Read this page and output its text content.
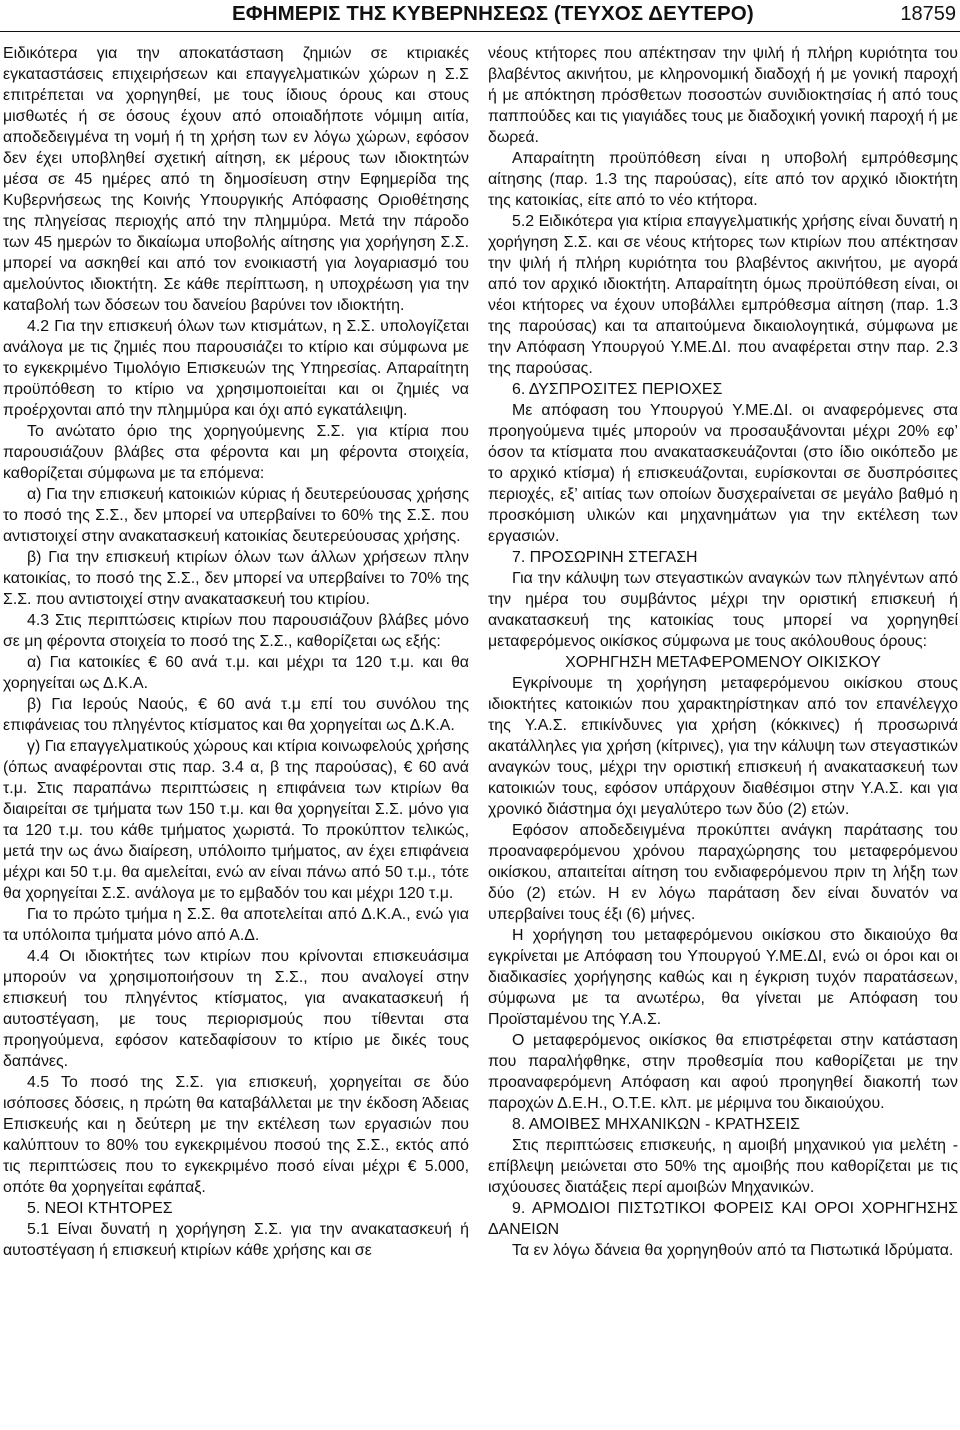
ΕΦΗΜΕΡΙΣ ΤΗΣ ΚΥΒΕΡΝΗΣΕΩΣ (ΤΕΥΧΟΣ ΔΕΥΤΕΡΟ)	18759

Ειδικότερα για την αποκατάσταση ζημιών σε κτιριακές εγκαταστάσεις επιχειρήσεων και επαγγελματικών χώρων η Σ.Σ επιτρέπεται να χορηγηθεί, με τους ίδιους όρους και στους μισθωτές ή σε όσους έχουν από οποιαδήποτε νόμιμη αιτία, αποδεδειγμένα τη νομή ή τη χρήση των εν λόγω χώρων, εφόσον δεν έχει υποβληθεί σχετική αίτηση, εκ μέρους των ιδιοκτητών μέσα σε 45 ημέρες από τη δημοσίευση στην Εφημερίδα της Κυβερνήσεως της Κοινής Υπουργικής Απόφασης Οριοθέτησης της πληγείσας περιοχής από την πλημμύρα. Μετά την πάροδο των 45 ημερών το δικαίωμα υποβολής αίτησης για χορήγηση Σ.Σ. μπορεί να ασκηθεί και από τον ενοικιαστή για λογαριασμό του αμελούντος ιδιοκτήτη. Σε κάθε περίπτωση, η υποχρέωση για την καταβολή των δόσεων του δανείου βαρύνει τον ιδιοκτήτη.

4.2 Για την επισκευή όλων των κτισμάτων, η Σ.Σ. υπολογίζεται ανάλογα με τις ζημιές που παρουσιάζει το κτίριο και σύμφωνα με το εγκεκριμένο Τιμολόγιο Επισκευών της Υπηρεσίας. Απαραίτητη προϋπόθεση το κτίριο να χρησιμοποιείται και οι ζημιές να προέρχονται από την πλημμύρα και όχι από εγκατάλειψη.

Το ανώτατο όριο της χορηγούμενης Σ.Σ. για κτίρια που παρουσιάζουν βλάβες στα φέροντα και μη φέροντα στοιχεία, καθορίζεται σύμφωνα με τα επόμενα:

α) Για την επισκευή κατοικιών κύριας ή δευτερεύουσας χρήσης το ποσό της Σ.Σ., δεν μπορεί να υπερβαίνει το 60% της Σ.Σ. που αντιστοιχεί στην ανακατασκευή κατοικίας δευτερεύουσας χρήσης.

β) Για την επισκευή κτιρίων όλων των άλλων χρήσεων πλην κατοικίας, το ποσό της Σ.Σ., δεν μπορεί να υπερβαίνει το 70% της Σ.Σ. που αντιστοιχεί στην ανακατασκευή του κτιρίου.

4.3 Στις περιπτώσεις κτιρίων που παρουσιάζουν βλάβες μόνο σε μη φέροντα στοιχεία το ποσό της Σ.Σ., καθορίζεται ως εξής:

α) Για κατοικίες € 60 ανά τ.μ. και μέχρι τα 120 τ.μ. και θα χορηγείται ως Δ.Κ.Α.

β) Για Ιερούς Ναούς, € 60 ανά τ.μ επί του συνόλου της επιφάνειας του πληγέντος κτίσματος και θα χορηγείται ως Δ.Κ.Α.

γ) Για επαγγελματικούς χώρους και κτίρια κοινωφελούς χρήσης (όπως αναφέρονται στις παρ. 3.4 α, β της παρούσας), € 60 ανά τ.μ. Στις παραπάνω περιπτώσεις η επιφάνεια των κτιρίων θα διαιρείται σε τμήματα των 150 τ.μ. και θα χορηγείται Σ.Σ. μόνο για τα 120 τ.μ. του κάθε τμήματος χωριστά. Το προκύπτον τελικώς, μετά την ως άνω διαίρεση, υπόλοιπο τμήματος, αν έχει επιφάνεια μέχρι και 50 τ.μ. θα αμελείται, ενώ αν είναι πάνω από 50 τ.μ., τότε θα χορηγείται Σ.Σ. ανάλογα με το εμβαδόν του και μέχρι 120 τ.μ.

Για το πρώτο τμήμα η Σ.Σ. θα αποτελείται από Δ.Κ.Α., ενώ για τα υπόλοιπα τμήματα μόνο από Α.Δ.

4.4 Οι ιδιοκτήτες των κτιρίων που κρίνονται επισκευάσιμα μπορούν να χρησιμοποιήσουν τη Σ.Σ., που αναλογεί στην επισκευή του πληγέντος κτίσματος, για ανακατασκευή ή αυτοστέγαση, με τους περιορισμούς που τίθενται στα προηγούμενα, εφόσον κατεδαφίσουν το κτίριο με δικές τους δαπάνες.

4.5 Το ποσό της Σ.Σ. για επισκευή, χορηγείται σε δύο ισόποσες δόσεις, η πρώτη θα καταβάλλεται με την έκδοση Άδειας Επισκευής και η δεύτερη με την εκτέλεση των εργασιών που καλύπτουν το 80% του εγκεκριμένου ποσού της Σ.Σ., εκτός από τις περιπτώσεις που το εγκεκριμένο ποσό είναι μέχρι € 5.000, οπότε θα χορηγείται εφάπαξ.

5. ΝΕΟΙ ΚΤΗΤΟΡΕΣ

5.1 Είναι δυνατή η χορήγηση Σ.Σ. για την ανακατασκευή ή αυτοστέγαση ή επισκευή κτιρίων κάθε χρήσης και σε

νέους κτήτορες που απέκτησαν την ψιλή ή πλήρη κυριότητα του βλαβέντος ακινήτου, με κληρονομική διαδοχή ή με γονική παροχή ή με απόκτηση πρόσθετων ποσοστών συνιδιοκτησίας ή από τους παππούδες και τις γιαγιάδες τους με διαδοχική γονική παροχή ή με δωρεά.

Απαραίτητη προϋπόθεση είναι η υποβολή εμπρόθεσμης αίτησης (παρ. 1.3 της παρούσας), είτε από τον αρχικό ιδιοκτήτη της κατοικίας, είτε από το νέο κτήτορα.

5.2 Ειδικότερα για κτίρια επαγγελματικής χρήσης είναι δυνατή η χορήγηση Σ.Σ. και σε νέους κτήτορες των κτιρίων που απέκτησαν την ψιλή ή πλήρη κυριότητα του βλαβέντος ακινήτου, με αγορά από τον αρχικό ιδιοκτήτη. Απαραίτητη όμως προϋπόθεση είναι, οι νέοι κτήτορες να έχουν υποβάλλει εμπρόθεσμα αίτηση (παρ. 1.3 της παρούσας) και τα απαιτούμενα δικαιολογητικά, σύμφωνα με την Απόφαση Υπουργού Υ.ΜΕ.ΔΙ. που αναφέρεται στην παρ. 2.3 της παρούσας.

6. ΔΥΣΠΡΟΣΙΤΕΣ ΠΕΡΙΟΧΕΣ

Με απόφαση του Υπουργού Υ.ΜΕ.ΔΙ. οι αναφερόμενες στα προηγούμενα τιμές μπορούν να προσαυξάνονται μέχρι 20% εφ’ όσον τα κτίσματα που ανακατασκευάζονται (στο ίδιο οικόπεδο με το αρχικό κτίσμα) ή επισκευάζονται, ευρίσκονται σε δυσπρόσιτες περιοχές, εξ’ αιτίας των οποίων δυσχεραίνεται σε μεγάλο βαθμό η προσκόμιση υλικών και μηχανημάτων για την εκτέλεση των εργασιών.

7. ΠΡΟΣΩΡΙΝΗ ΣΤΕΓΑΣΗ

Για την κάλυψη των στεγαστικών αναγκών των πληγέντων από την ημέρα του συμβάντος μέχρι την οριστική επισκευή ή ανακατασκευή της κατοικίας τους μπορεί να χορηγηθεί μεταφερόμενος οικίσκος σύμφωνα με τους ακόλουθους όρους:

ΧΟΡΗΓΗΣΗ ΜΕΤΑΦΕΡΟΜΕΝΟΥ ΟΙΚΙΣΚΟΥ

Εγκρίνουμε τη χορήγηση μεταφερόμενου οικίσκου στους ιδιοκτήτες κατοικιών που χαρακτηρίστηκαν από τον επανέλεγχο της Υ.Α.Σ. επικίνδυνες για χρήση (κόκκινες) ή προσωρινά ακατάλληλες για χρήση (κίτρινες), για την κάλυψη των στεγαστικών αναγκών τους, μέχρι την οριστική επισκευή ή ανακατασκευή των κατοικιών τους, εφόσον υπάρχουν διαθέσιμοι στην Υ.Α.Σ. και για χρονικό διάστημα όχι μεγαλύτερο των δύο (2) ετών.

Εφόσον αποδεδειγμένα προκύπτει ανάγκη παράτασης του προαναφερόμενου χρόνου παραχώρησης του μεταφερόμενου οικίσκου, απαιτείται αίτηση του ενδιαφερόμενου πριν τη λήξη των δύο (2) ετών. Η εν λόγω παράταση δεν είναι δυνατόν να υπερβαίνει τους έξι (6) μήνες.

Η χορήγηση του μεταφερόμενου οικίσκου στο δικαιούχο θα εγκρίνεται με Απόφαση του Υπουργού Υ.ΜΕ.ΔΙ, ενώ οι όροι και οι διαδικασίες χορήγησης καθώς και η έγκριση τυχόν παρατάσεων, σύμφωνα με τα ανωτέρω, θα γίνεται με Απόφαση του Προϊσταμένου της Υ.Α.Σ.

Ο μεταφερόμενος οικίσκος θα επιστρέφεται στην κατάσταση που παραλήφθηκε, στην προθεσμία που καθορίζεται με την προαναφερόμενη Απόφαση και αφού προηγηθεί διακοπή των παροχών Δ.Ε.Η., Ο.Τ.Ε. κλπ. με μέριμνα του δικαιούχου.

8. ΑΜΟΙΒΕΣ ΜΗΧΑΝΙΚΩΝ - ΚΡΑΤΗΣΕΙΣ

Στις περιπτώσεις επισκευής, η αμοιβή μηχανικού για μελέτη - επίβλεψη μειώνεται στο 50% της αμοιβής που καθορίζεται με τις ισχύουσες διατάξεις περί αμοιβών Μηχανικών.

9. ΑΡΜΟΔΙΟΙ ΠΙΣΤΩΤΙΚΟΙ ΦΟΡΕΙΣ ΚΑΙ ΟΡΟΙ ΧΟΡΗΓΗΣΗΣ ΔΑΝΕΙΩΝ

Τα εν λόγω δάνεια θα χορηγηθούν από τα Πιστωτικά Ιδρύματα.
